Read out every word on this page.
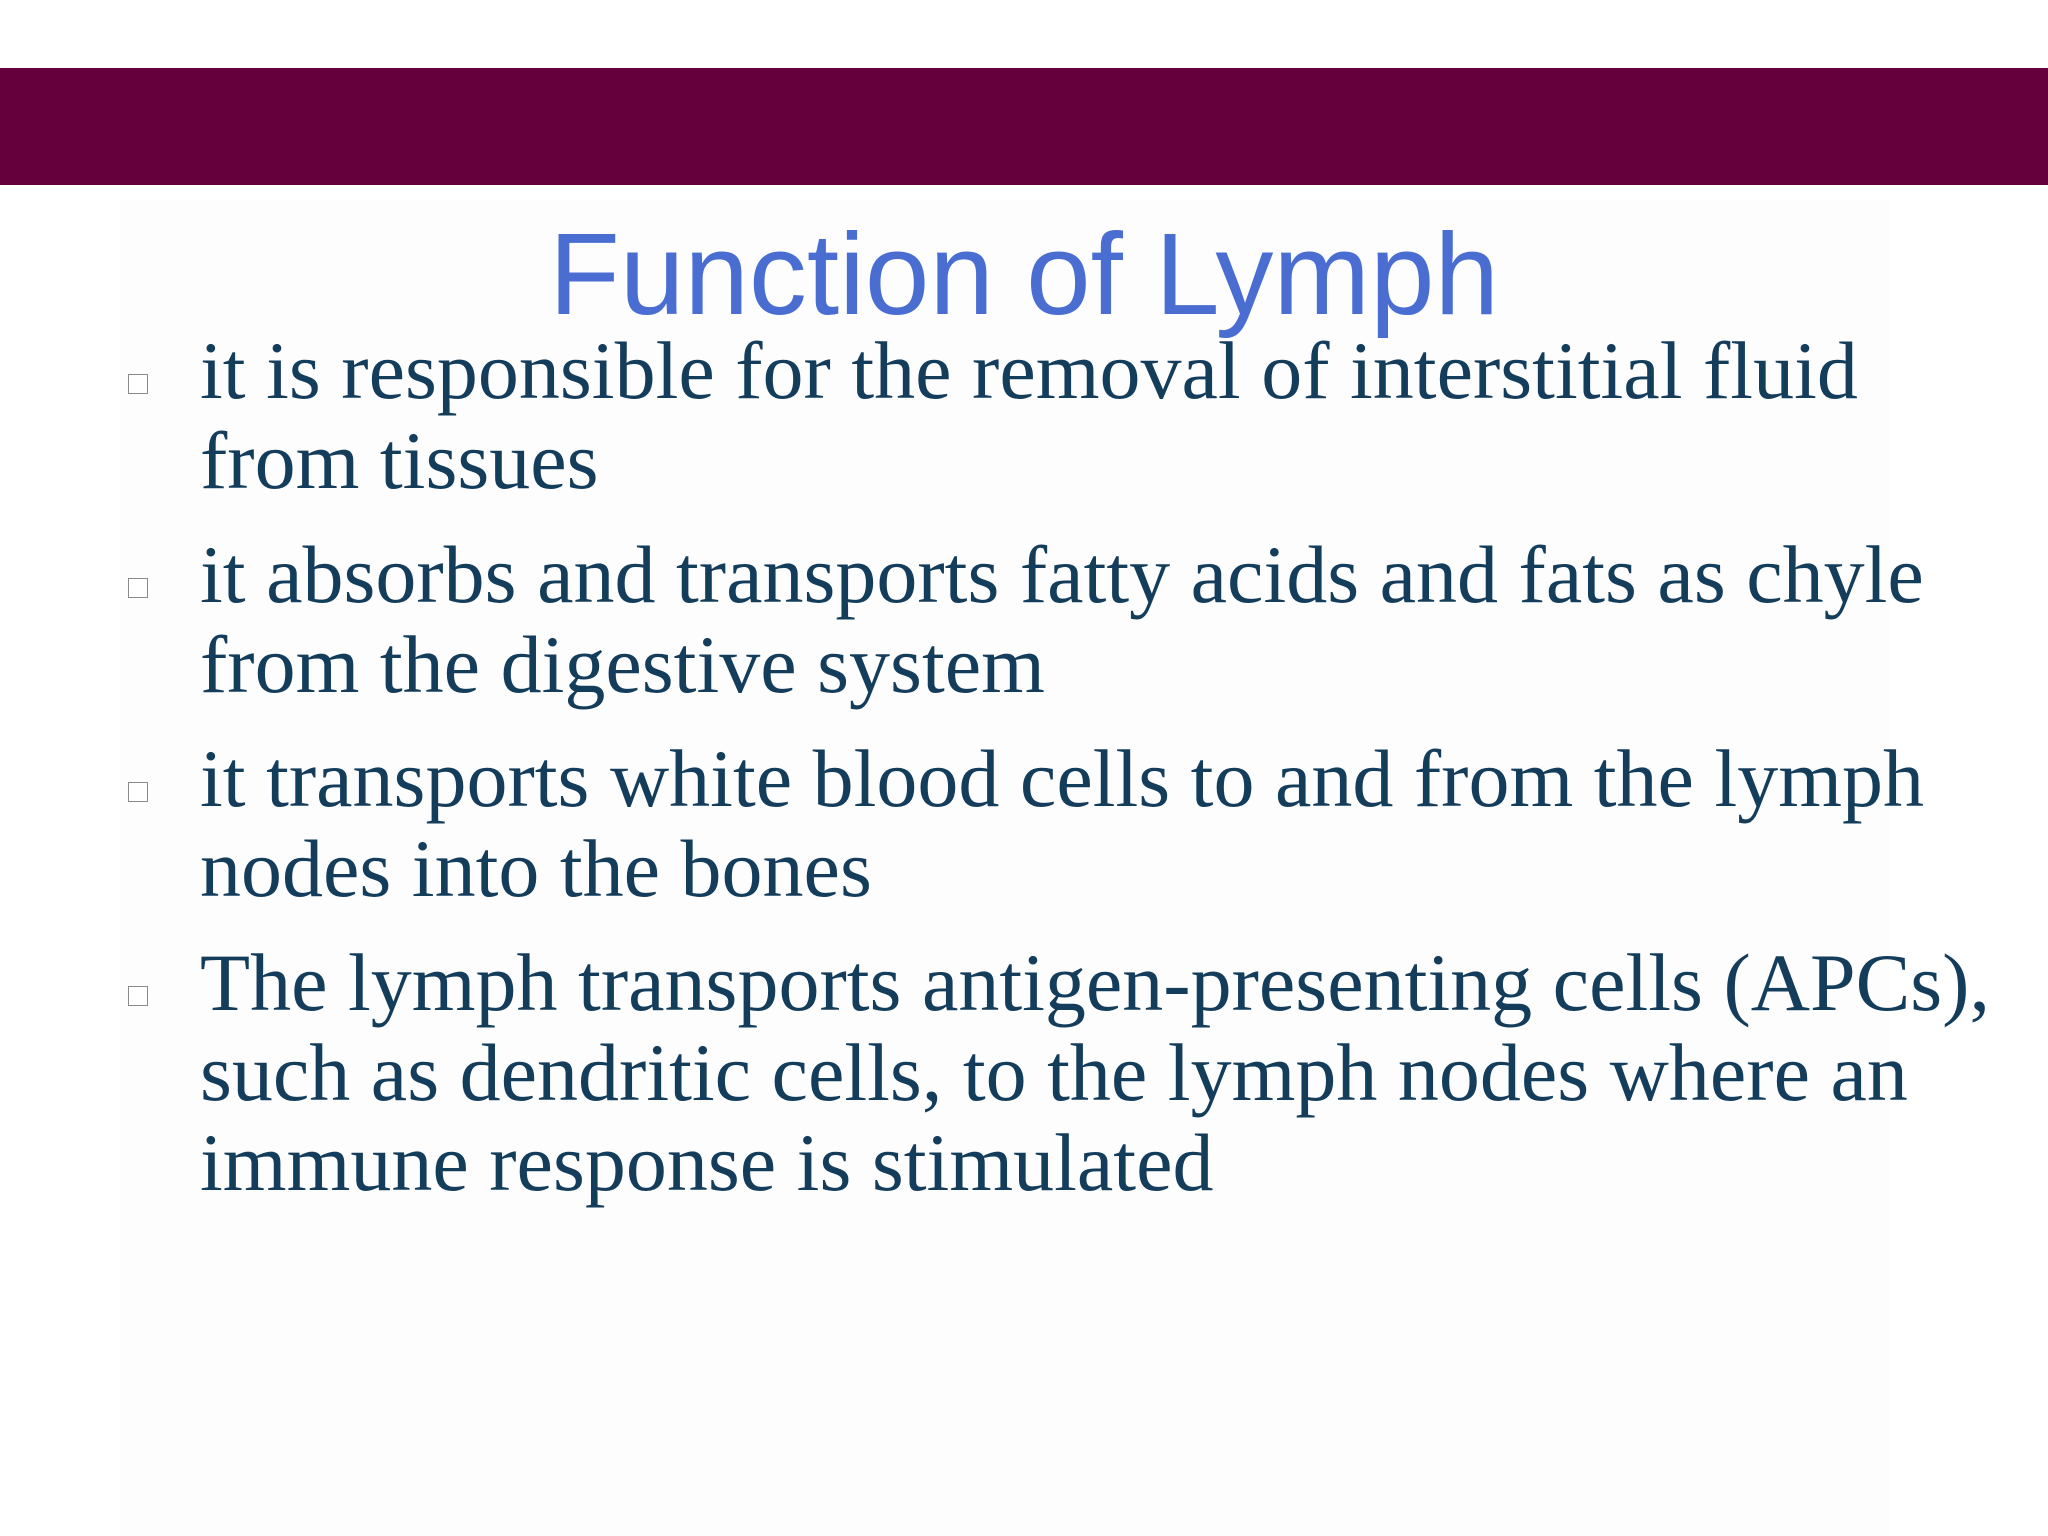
Function of Lymph
it is responsible for the removal of interstitial fluid from tissues
it absorbs and transports fatty acids and fats as chyle from the digestive system
it transports white blood cells to and from the lymph nodes into the bones
The lymph transports antigen-presenting cells (APCs), such as dendritic cells, to the lymph nodes where an immune response is stimulated
